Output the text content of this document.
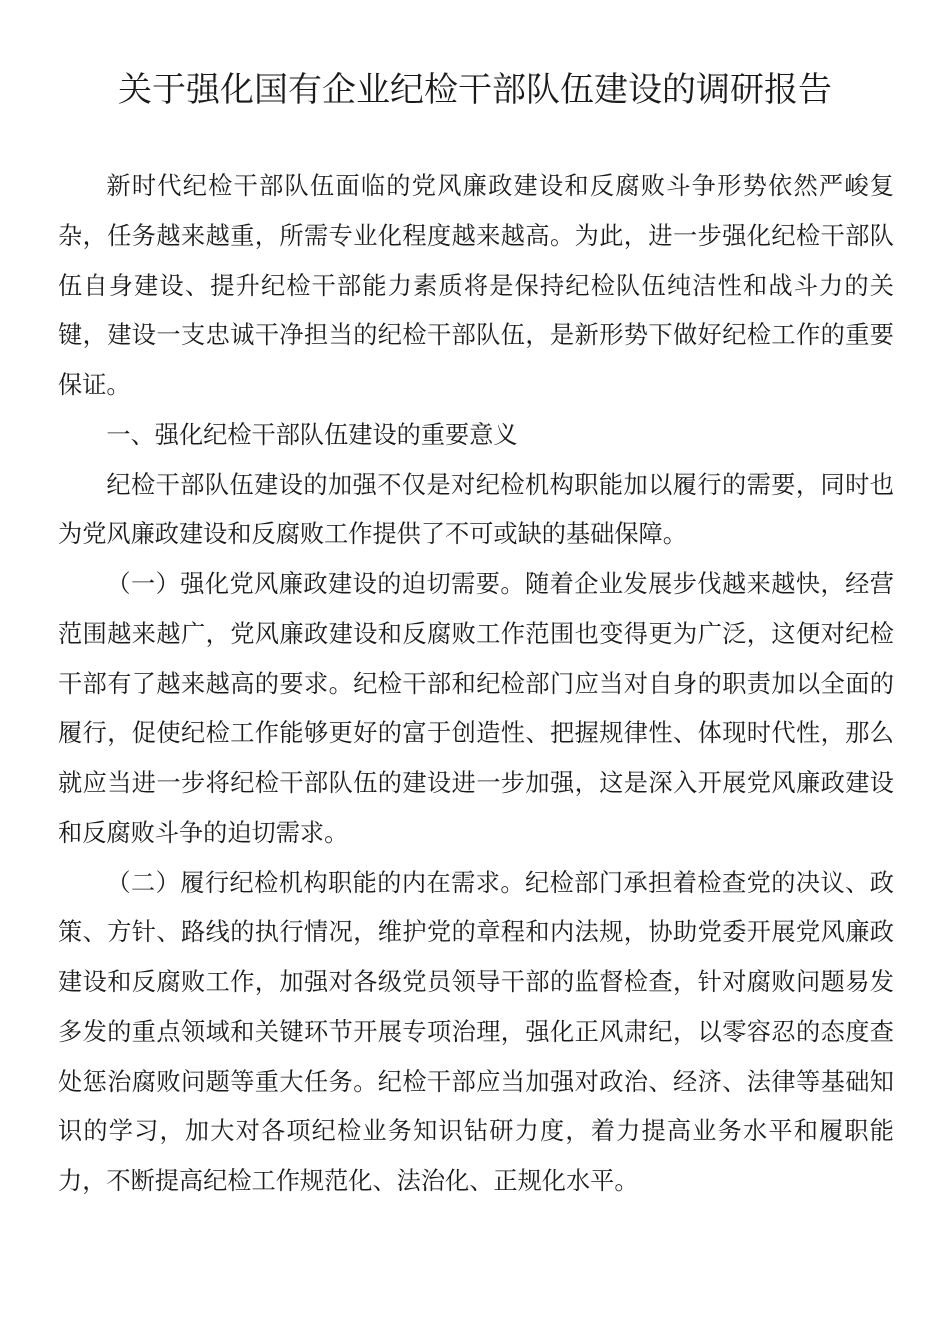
关于强化国有企业纪检干部队伍建设的调研报告

新时代纪检干部队伍面临的党风廉政建设和反腐败斗争形势依然严峻复杂，任务越来越重，所需专业化程度越来越高。为此，进一步强化纪检干部队伍自身建设、提升纪检干部能力素质将是保持纪检队伍纯洁性和战斗力的关键，建设一支忠诚干净担当的纪检干部队伍，是新形势下做好纪检工作的重要保证。

一、强化纪检干部队伍建设的重要意义

纪检干部队伍建设的加强不仅是对纪检机构职能加以履行的需要，同时也为党风廉政建设和反腐败工作提供了不可或缺的基础保障。

（一）强化党风廉政建设的迫切需要。随着企业发展步伐越来越快，经营范围越来越广，党风廉政建设和反腐败工作范围也变得更为广泛，这便对纪检干部有了越来越高的要求。纪检干部和纪检部门应当对自身的职责加以全面的履行，促使纪检工作能够更好的富于创造性、把握规律性、体现时代性，那么就应当进一步将纪检干部队伍的建设进一步加强，这是深入开展党风廉政建设和反腐败斗争的迫切需求。

（二）履行纪检机构职能的内在需求。纪检部门承担着检查党的决议、政策、方针、路线的执行情况，维护党的章程和内法规，协助党委开展党风廉政建设和反腐败工作，加强对各级党员领导干部的监督检查，针对腐败问题易发多发的重点领域和关键环节开展专项治理，强化正风肃纪，以零容忍的态度查处惩治腐败问题等重大任务。纪检干部应当加强对政治、经济、法律等基础知识的学习，加大对各项纪检业务知识钻研力度，着力提高业务水平和履职能力，不断提高纪检工作规范化、法治化、正规化水平。
